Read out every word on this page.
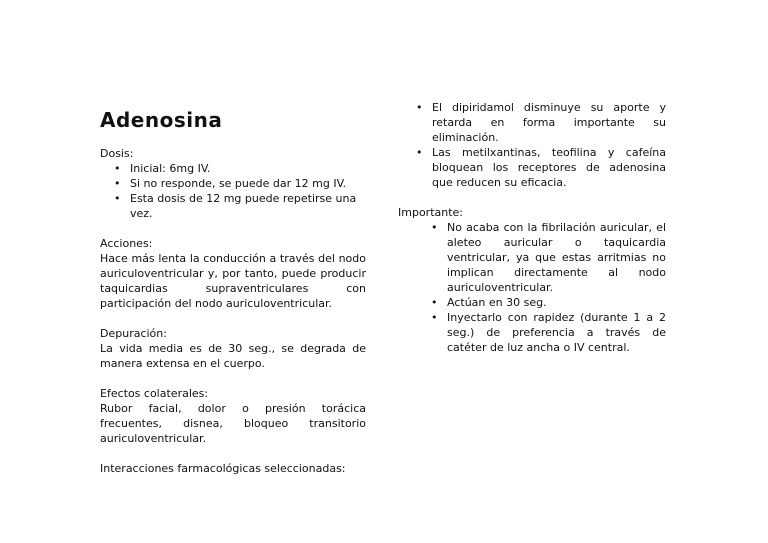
Adenosina

Dosis:

• Inicial: 6mg IV.
• Si no responde, se puede dar 12 mg IV.
• Esta dosis de 12 mg puede repetirse una vez.

Acciones:

Hace más lenta la conducción a través del nodo auriculoventricular y, por tanto, puede producir taquicardias supraventriculares con participación del nodo auriculoventricular.

Depuración:

La vida media es de 30 seg., se degrada de manera extensa en el cuerpo.

Efectos colaterales:

Rubor facial, dolor o presión torácica frecuentes, disnea, bloqueo transitorio auriculoventricular.

Interacciones farmacológicas seleccionadas:

• El dipiridamol disminuye su aporte y retarda en forma importante su eliminación.
• Las metilxantinas, teofilina y cafeína bloquean los receptores de adenosina que reducen su eficacia.

Importante:

• No acaba con la fibrilación auricular, el aleteo auricular o taquicardia ventricular, ya que estas arritmias no implican directamente al nodo auriculoventricular.
• Actúan en 30 seg.
• Inyectarlo con rapidez (durante 1 a 2 seg.) de preferencia a través de catéter de luz ancha o IV central.
